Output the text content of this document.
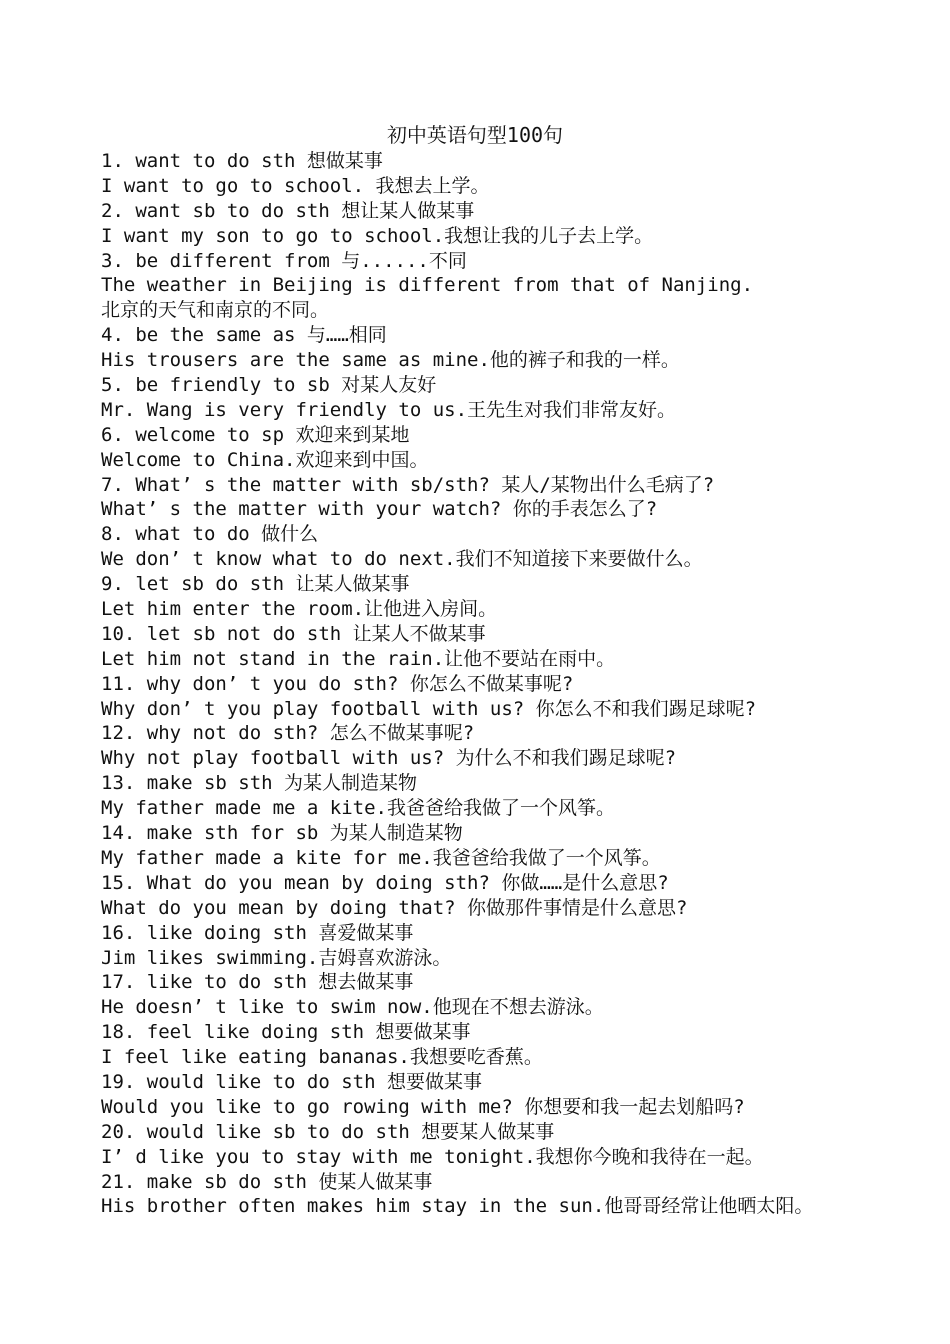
初中英语句型100句
1. want to do sth 想做某事
I want to go to school. 我想去上学。
2. want sb to do sth 想让某人做某事
I want my son to go to school.我想让我的儿子去上学。
3. be different from 与......不同
The weather in Beijing is different from that of Nanjing.
北京的天气和南京的不同。
4. be the same as 与……相同
His trousers are the same as mine.他的裤子和我的一样。
5. be friendly to sb 对某人友好
Mr. Wang is very friendly to us.王先生对我们非常友好。
6. welcome to sp 欢迎来到某地
Welcome to China.欢迎来到中国。
7. What’ s the matter with sb/sth? 某人/某物出什么毛病了?
What’ s the matter with your watch? 你的手表怎么了?
8. what to do 做什么
We don’ t know what to do next.我们不知道接下来要做什么。
9. let sb do sth 让某人做某事
Let him enter the room.让他进入房间。
10. let sb not do sth 让某人不做某事
Let him not stand in the rain.让他不要站在雨中。
11. why don’ t you do sth? 你怎么不做某事呢?
Why don’ t you play football with us? 你怎么不和我们踢足球呢?
12. why not do sth? 怎么不做某事呢?
Why not play football with us? 为什么不和我们踢足球呢?
13. make sb sth 为某人制造某物
My father made me a kite.我爸爸给我做了一个风筝。
14. make sth for sb 为某人制造某物
My father made a kite for me.我爸爸给我做了一个风筝。
15. What do you mean by doing sth? 你做……是什么意思?
What do you mean by doing that? 你做那件事情是什么意思?
16. like doing sth 喜爱做某事
Jim likes swimming.吉姆喜欢游泳。
17. like to do sth 想去做某事
He doesn’ t like to swim now.他现在不想去游泳。
18. feel like doing sth 想要做某事
I feel like eating bananas.我想要吃香蕉。
19. would like to do sth 想要做某事
Would you like to go rowing with me? 你想要和我一起去划船吗?
20. would like sb to do sth 想要某人做某事
I’ d like you to stay with me tonight.我想你今晚和我待在一起。
21. make sb do sth 使某人做某事
His brother often makes him stay in the sun.他哥哥经常让他晒太阳。
